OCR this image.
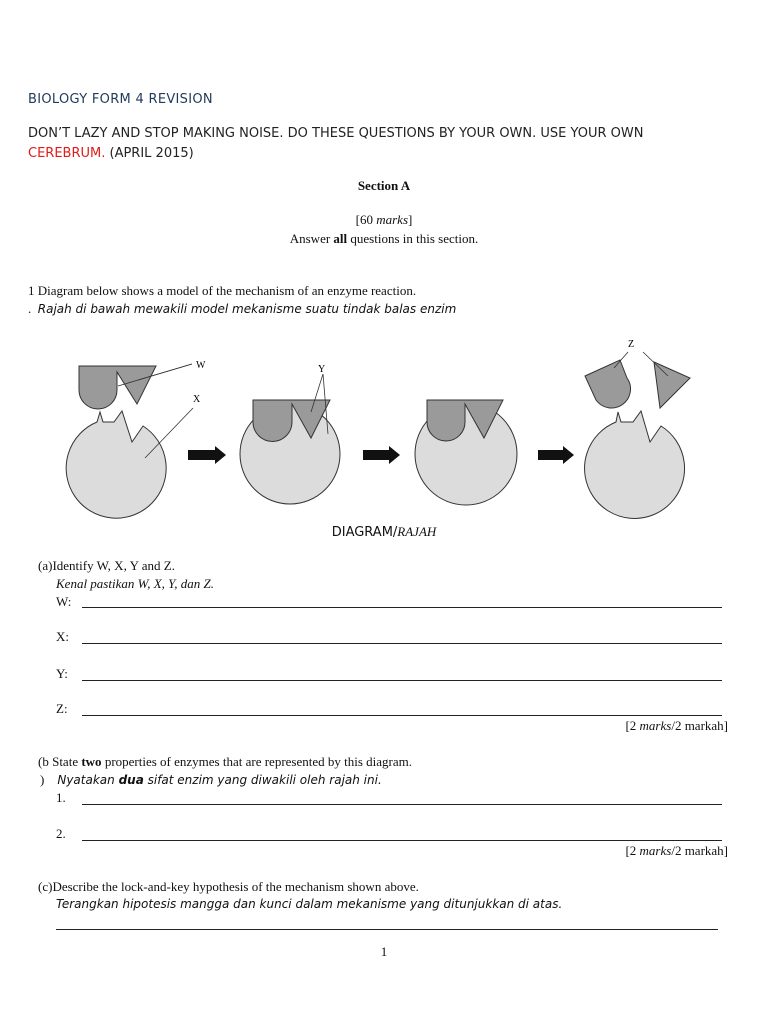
BIOLOGY FORM 4 REVISION
DON’T LAZY AND STOP MAKING NOISE. DO THESE QUESTIONS BY YOUR OWN. USE YOUR OWN
CEREBRUM. (APRIL 2015)
Section A
[60 marks]
Answer all questions in this section.
1 Diagram below shows a model of the mechanism of an enzyme reaction.
. Rajah di bawah mewakili model mekanisme suatu tindak balas enzim
W
X
Y
Z
DIAGRAM/RAJAH
(a)Identify W, X, Y and Z.
Kenal pastikan W, X, Y, dan Z.
W:
X:
Y:
Z:
[2 marks/2 markah]
(b State two properties of enzymes that are represented by this diagram.
) Nyatakan dua sifat enzim yang diwakili oleh rajah ini.
1.
2.
[2 marks/2 markah]
(c)Describe the lock-and-key hypothesis of the mechanism shown above.
Terangkan hipotesis mangga dan kunci dalam mekanisme yang ditunjukkan di atas.
1
